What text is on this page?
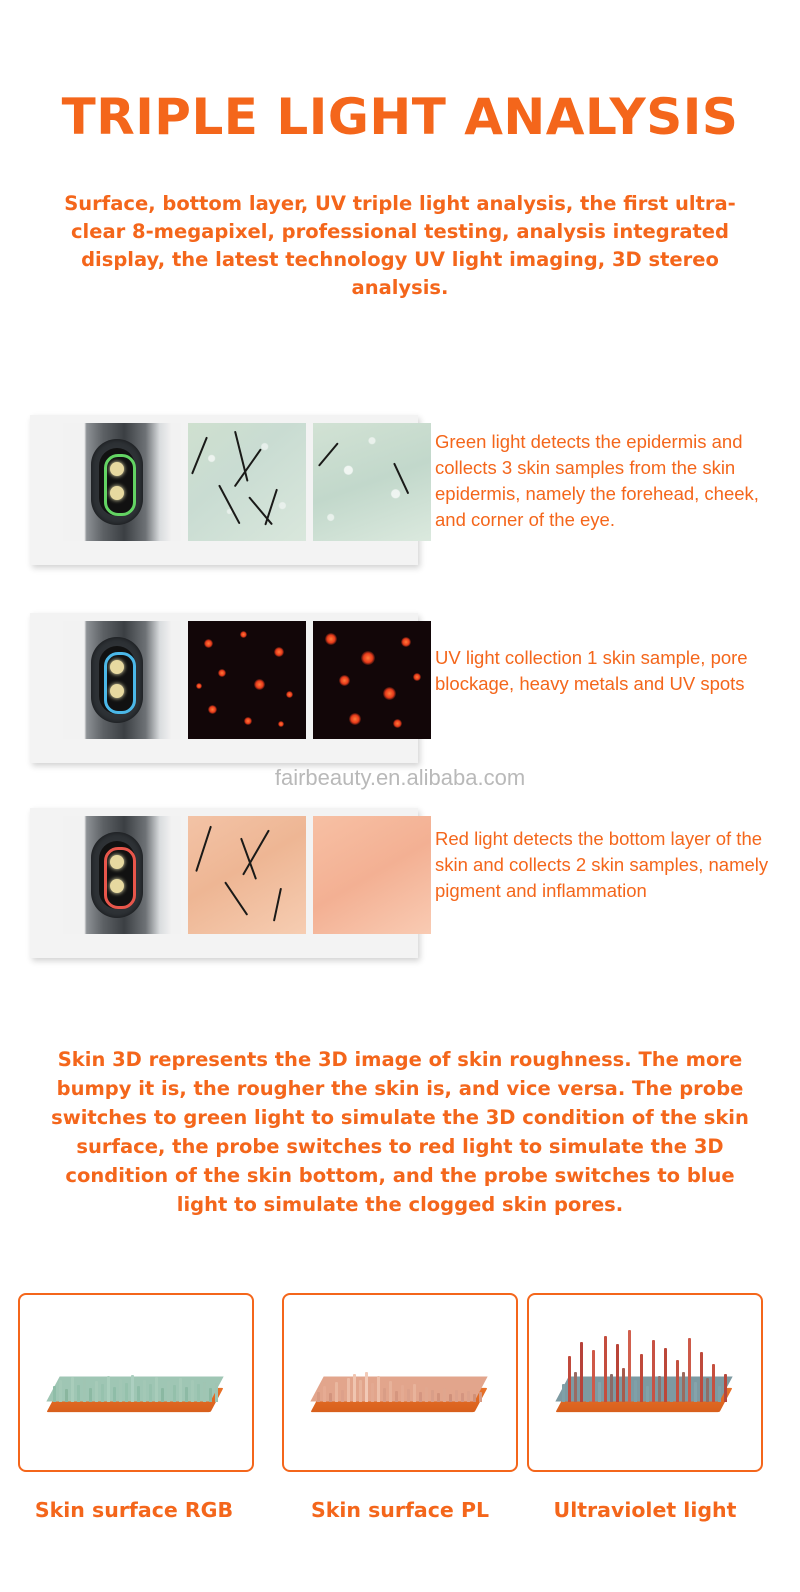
TRIPLE LIGHT ANALYSIS
Surface, bottom layer, UV triple light analysis, the first ultra-clear 8-megapixel, professional testing, analysis integrated display, the latest technology UV light imaging, 3D stereo analysis.
Green light detects the epidermis and collects 3 skin samples from the skin epidermis, namely the forehead, cheek, and corner of the eye.
UV light collection 1 skin sample, pore blockage, heavy metals and UV spots
fairbeauty.en.alibaba.com
Red light detects the bottom layer of the skin and collects 2 skin samples, namely pigment and inflammation
Skin 3D represents the 3D image of skin roughness. The more bumpy it is, the rougher the skin is, and vice versa. The probe switches to green light to simulate the 3D condition of the skin surface, the probe switches to red light to simulate the 3D condition of the skin bottom, and the probe switches to blue light to simulate the clogged skin pores.
Skin surface RGB	Skin surface PL	Ultraviolet light
